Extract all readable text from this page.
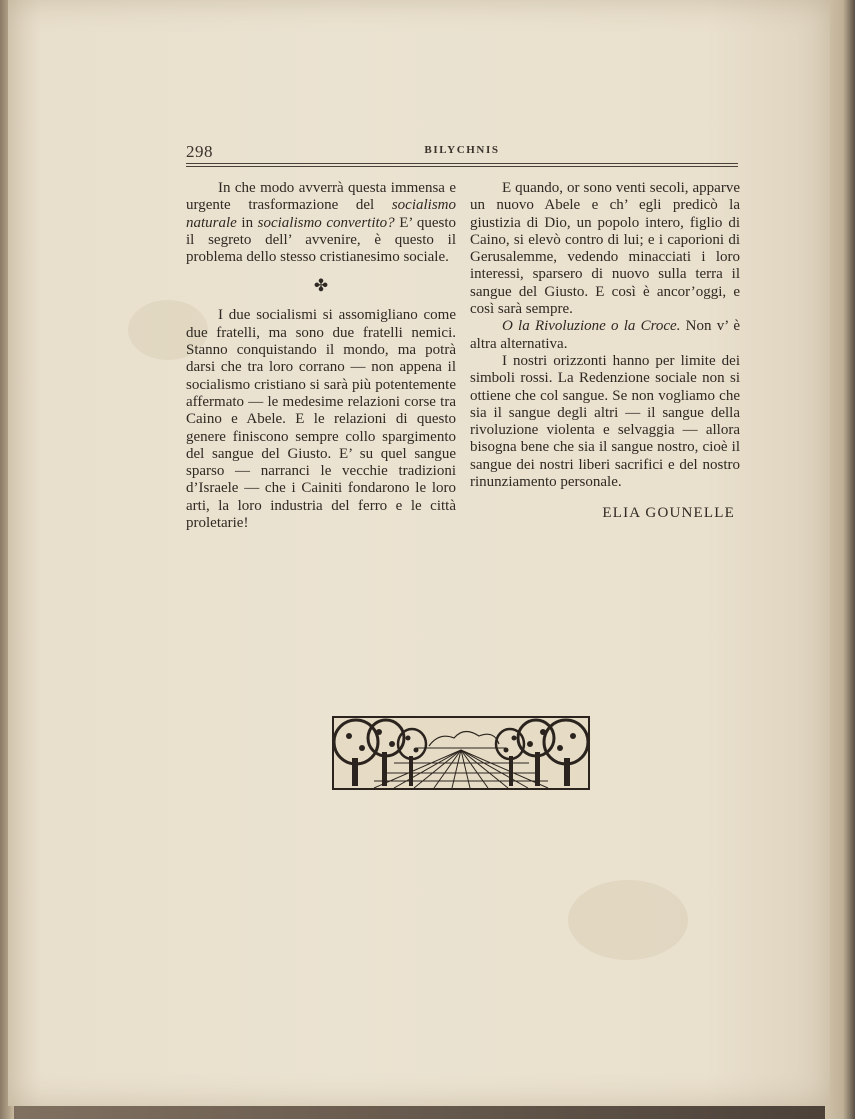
298	BILYCHNIS

In che modo avverrà questa immensa e urgente trasformazione del socialismo naturale in socialismo convertito? E’ questo il segreto dell’ avvenire, è questo il problema dello stesso cristianesimo sociale.

✤

I due socialismi si assomigliano come due fratelli, ma sono due fratelli nemici. Stanno conquistando il mondo, ma potrà darsi che tra loro corrano — non appena il socialismo cristiano si sarà più potentemente affermato — le medesime relazioni corse tra Caino e Abele. E le relazioni di questo genere finiscono sempre collo spargimento del sangue del Giusto. E’ su quel sangue sparso — narranci le vecchie tradizioni d’Israele — che i Cainiti fondarono le loro arti, la loro industria del ferro e le città proletarie!

E quando, or sono venti secoli, apparve un nuovo Abele e ch’ egli predicò la giustizia di Dio, un popolo intero, figlio di Caino, si elevò contro di lui; e i caporioni di Gerusalemme, vedendo minacciati i loro interessi, sparsero di nuovo sulla terra il sangue del Giusto. E così è ancor’oggi, e così sarà sempre.

O la Rivoluzione o la Croce. Non v’ è altra alternativa.

I nostri orizzonti hanno per limite dei simboli rossi. La Redenzione sociale non si ottiene che col sangue. Se non vogliamo che sia il sangue degli altri — il sangue della rivoluzione violenta e selvaggia — allora bisogna bene che sia il sangue nostro, cioè il sangue dei nostri liberi sacrifici e del nostro rinunziamento personale.

ELIA GOUNELLE
